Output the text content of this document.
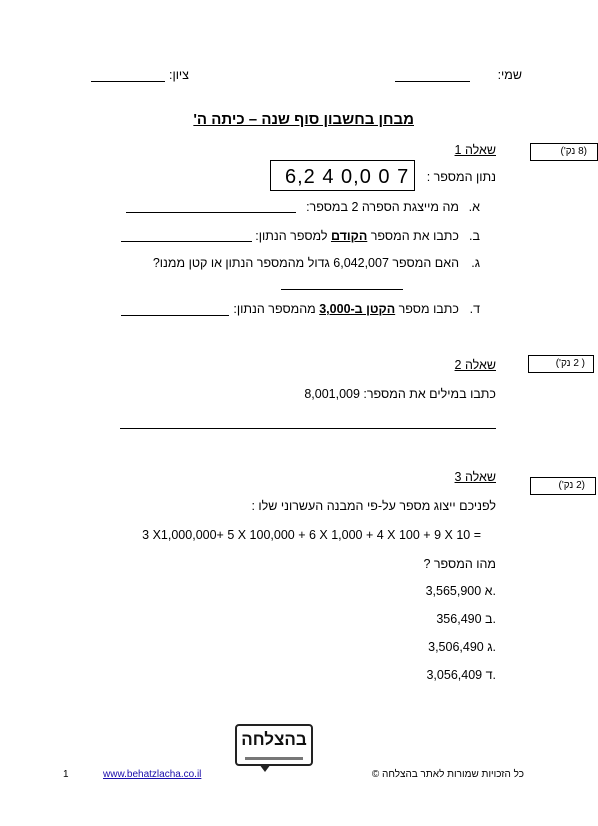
שמי:
ציון:
מבחן בחשבון סוף שנה – כיתה ה'
(8 נק')
שאלה 1
נתון המספר :
6,2 4 0,0 0 7
א.
מה מייצגת הספרה 2 במספר:
ב.
כתבו את המספר הקודם למספר הנתון:
ג.
האם המספר 6,042,007 גדול מהמספר הנתון או קטן ממנו?
ד.
כתבו מספר הקטן ב-3,000 מהמספר הנתון:
( 2 נק')
שאלה 2
כתבו במילים את המספר: 8,001,009
(2 נק')
שאלה 3
לפניכם ייצוג מספר על-פי המבנה העשרוני שלו :
3 X1,000,000+ 5 X 100,000 + 6 X 1,000 + 4 X 100 + 9 X 10 =
מהו המספר ?
3,565,900 א.
356,490 ב.
3,506,490 ג.
3,056,409 ד.
בהצלחה
כל הזכויות שמורות לאתר בהצלחה ©
www.behatzlacha.co.il
1
